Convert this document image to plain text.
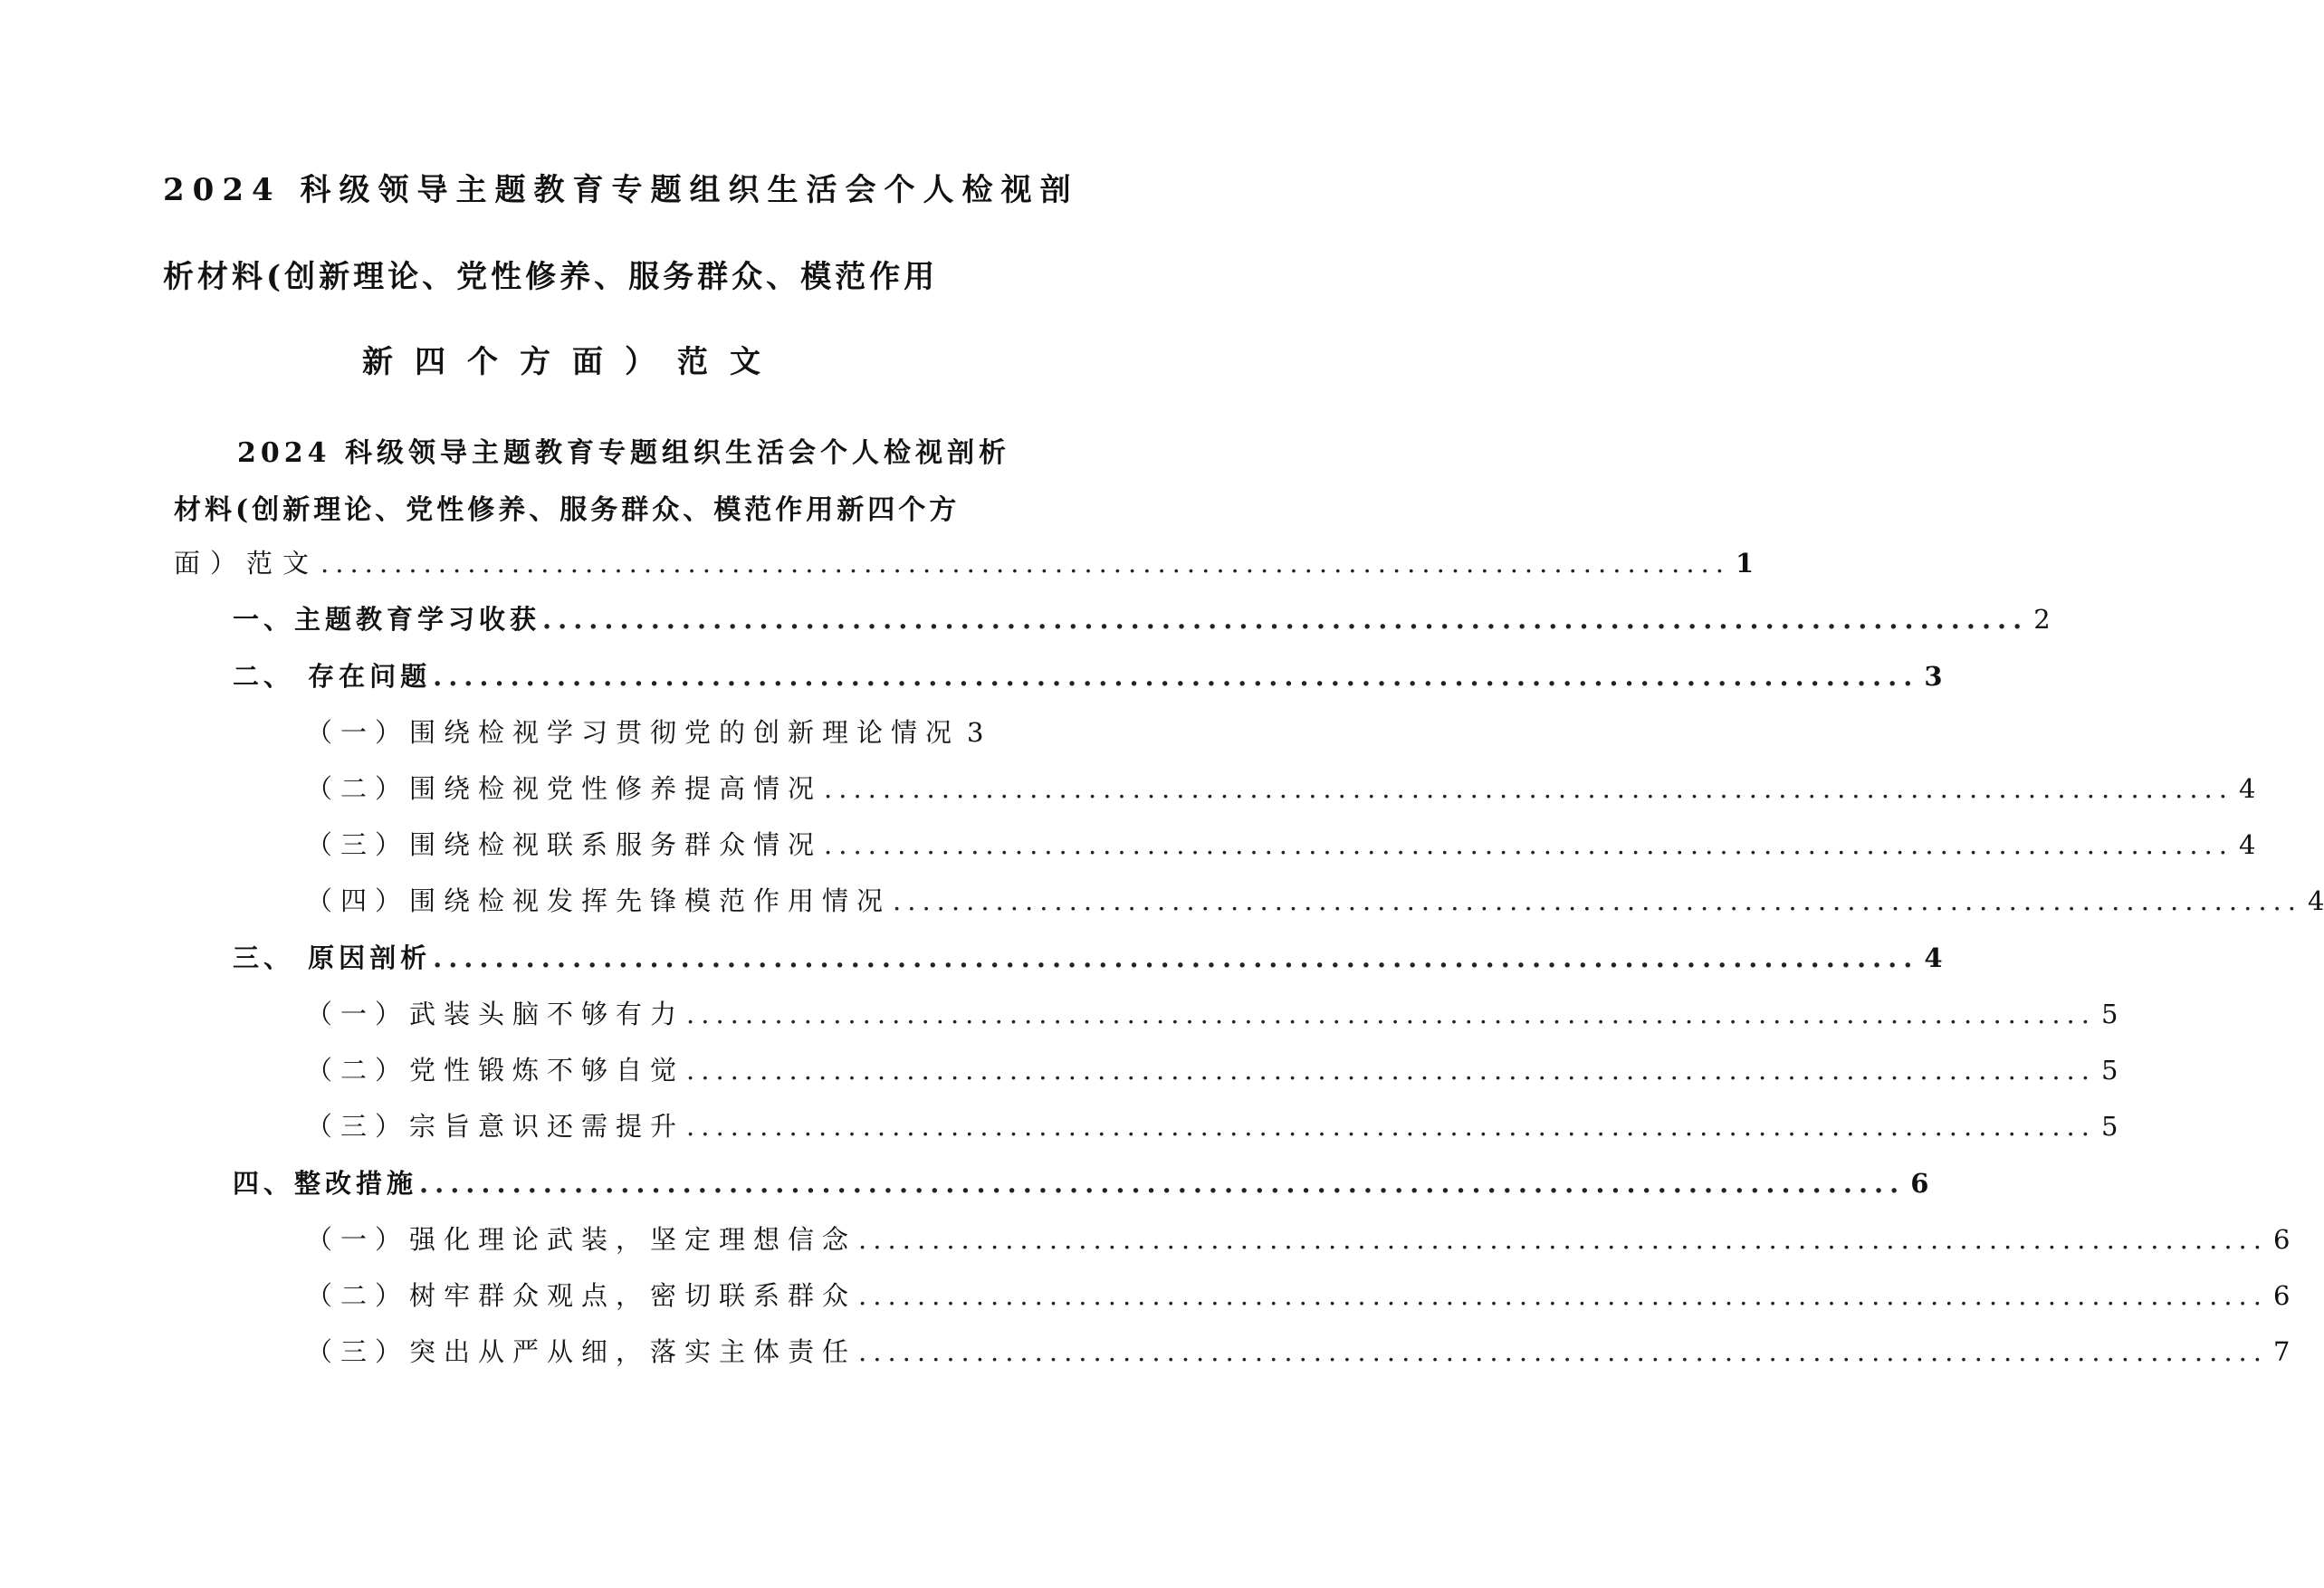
2024 科级领导主题教育专题组织生活会个人检视剖
析材料(创新理论、党性修养、服务群众、模范作用
新四个方面）范文
2024 科级领导主题教育专题组织生活会个人检视剖析
材料(创新理论、党性修养、服务群众、模范作用新四个方
面）范文 ................................................................................................ 1
一、主题教育学习收获 ................................................................................................ 2
二、 存在问题 ................................................................................................ 3
（一）围绕检视学习贯彻党的创新理论情况 3
（二）围绕检视党性修养提高情况 ................................................................................................ 4
（三）围绕检视联系服务群众情况 ................................................................................................ 4
（四）围绕检视发挥先锋模范作用情况 ................................................................................................ 4
三、 原因剖析 ................................................................................................ 4
（一）武装头脑不够有力 ................................................................................................ 5
（二）党性锻炼不够自觉 ................................................................................................ 5
（三）宗旨意识还需提升 ................................................................................................ 5
四、整改措施 ................................................................................................ 6
（一）强化理论武装，坚定理想信念 ................................................................................................ 6
（二）树牢群众观点，密切联系群众 ................................................................................................ 6
（三）突出从严从细，落实主体责任 ................................................................................................ 7
